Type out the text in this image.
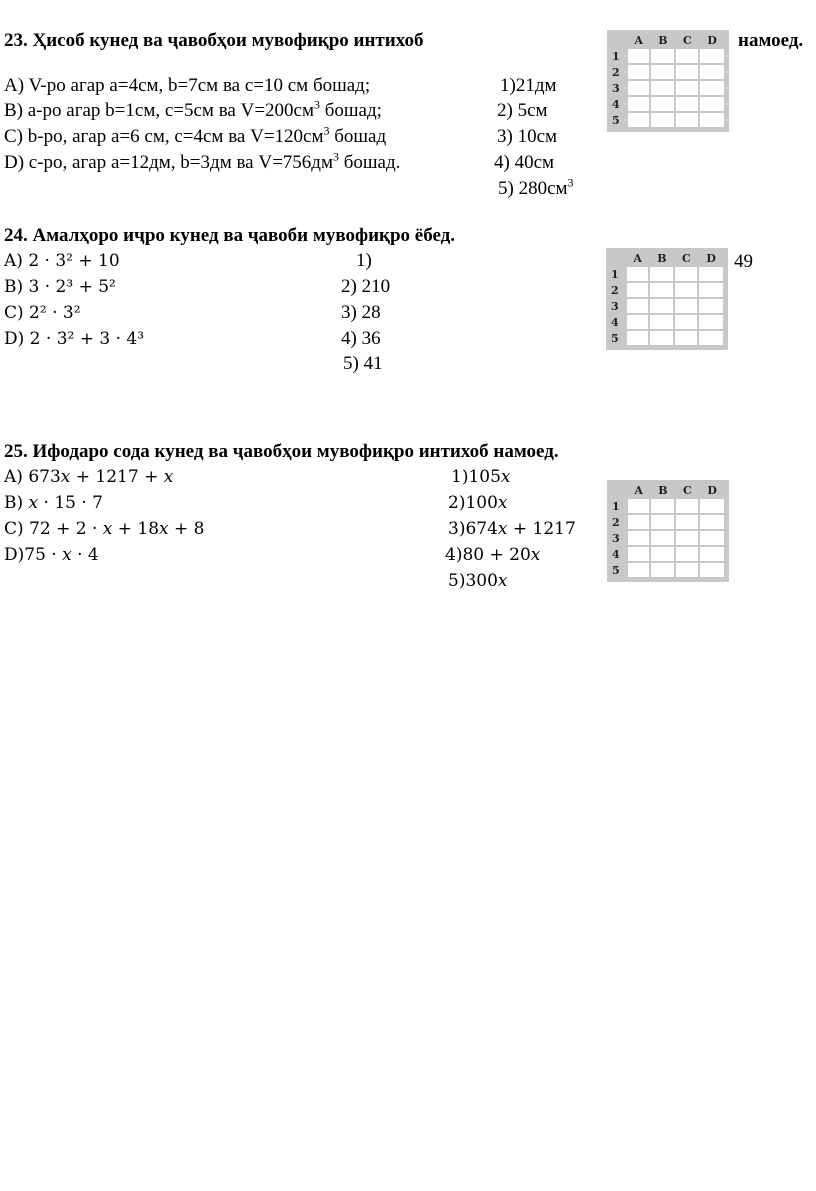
23. Ҳисоб кунед ва ҷавобҳои мувофиқро интихоб	намоед.
A) V-ро агар a=4см, b=7см ва c=10 см бошад;
B) a-ро агар b=1см, c=5см ва $V=200см^3$ бошад;
C) b-ро, агар a=6 см, c=4см ва $V=120см^3$ бошад
D) c-ро, агар a=12дм, b=3дм ва $V=756дм^3$ бошад.
1)21дм
2) 5см
3) 10см
4) 40см
5) $280см^3$
	A	B	C	D
1				
2				
3				
4				
5				
24. Амалҳоро иҷро кунед ва ҷавоби мувофиқро ёбед.
A) 2 · 3² + 10
B) 3 · 2³ + 5²
C) 2² · 3²
D) 2 · 3² + 3 · 4³
1)
2) 210
3) 28
4) 36
5) 41
	A	B	C	D
1				
2				
3				
4				
5				
49
25. Ифодаро сода кунед ва ҷавобҳои мувофиқро интихоб намоед.
A) 673𝑥 + 1217 + 𝑥
B) 𝑥 · 15 · 7
C) 72 + 2 · 𝑥 + 18𝑥 + 8
D)75 · 𝑥 · 4
1)105𝑥
2)100𝑥
3)674𝑥 + 1217
4)80 + 20𝑥
5)300𝑥
	A	B	C	D
1				
2				
3				
4				
5				
